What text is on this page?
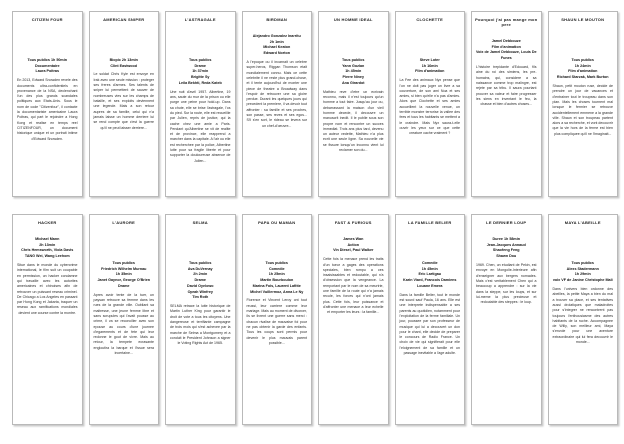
CITIZEN FOUR
Tous publics 1h 50min
Documentaire
Laura Poitras
En 2013, Edward Snowden revele des documents ultra-confidentiels en provenance de la NSA, declenchant l'un des plus grands scandales politiques aux Etats-Unis. Sous le nom de code "Citizenfour", il contacte la documentariste americaine Laura Poitras, qui part le rejoindre a Hong Kong et realise en temps reel CITIZENFOUR, un document historique unique et un portrait intime d'Edward Snowden.
AMERICAN SNIPER
Biopic 2h 13min
Clint Eastwood
Le soldat Chris Kyle est envoye en Irak avec une seule mission : proteger ses freres d'armes. Ses talents de sniper lui permettent de sauver de nombreuses vies sur les champs de bataille, et ses exploits deviennent une legende. Mais a son retour aupres de sa famille, celui qui n'a jamais laisse un homme derriere lui se rend compte que c'est la guerre qu'il ne peut laisser derriere...
L'ASTRAGALE
Tous publics
Drame
1h 37min
Brigitte Sy
Leila Bekhti, Reda Kateb
Une nuit d'avril 1957. Albertine, 19 ans, saute du mur de la prison ou elle purge une peine pour hold-up. Dans sa chute, elle se brise l'astragale, l'os du pied. Sur la route, elle est recueillie par Julien, repris de justice, qui la cache chez une amie a Paris. Pendant qu'Albertine se vit de realite et de province, elle reapprend a marcher dans la capitale. A l'air ou elle est recherchee par la police, Albertine lutte pour sa fragile liberte et pour supporter la douloureuse absence de Julien...
BIRDMAN
Alejandro Gonzalez Inarritu
2h 1min
Michael Keaton
Edward Norton
A l'epoque ou il incarnait un celebre super-heros, Riggan Thomson etait mondialement connu. Mais ce cette celebrite il ne reste plus grand-chose, et il tente aujourd'hui de monter une piece de theatre a Broadway dans l'espoir de retrouver une sa gloire perdue. Durant les quelques jours qui precedent la premiere, il va devoir tout affronter : sa famille et ses proches, son passe, ses reves et ses egos... S'il s'en sort, le rideau se levera sur un chef-d'oeuvre...
UN HOMME IDEAL
Tous publics
Yann Gozlan
1h 45min
Pierre Niney
Ana Girardot
Mathieu reve d'etre un ecrivain reconnu, mais il n'est toujours qu'un homme a tout faire. Jusqu'au jour ou, debarrassant la maison d'un vieil homme decede, il decouvre un manuscrit inedit. Il le publie sous son propre nom et rencontre un succes immediat. Trois ans plus tard, devenu un auteur vedette, Mathieu n'a plus ecrit une seule ligne. Sa nouvelle vie se fissure lorsqu'un inconnu vient lui reclamer son du...
CLOCHETTE
Steve Loter
1h 16min
Film d'animation
La Fee des animaux Nyx pense que l'on ne doit pas juger un livre a sa couverture, de son ami Noa et ses amies, si bien qu'elle n'a pas d'amies. Alors que Clochette et ses amies accueillent la nouvelle venue, un terrible monstre terrorise la vallee des fees et tous les habitants se mettent a le craindre. Mais Nyx saura-t-elle ouvrir les yeux sur ce que cette creature cache vraiment ?
Pourquoi j'ai pas mange mon pere
Jamel Debbouze
Film d'animation
Voix de Jamel Debbouze, Louis De Funes
L'histoire trepidante d'Edouard, fils aine du roi des simiens, les pre-humains, qui, considere a sa naissance comme trop malingre, est rejete par sa tribu. Il saura pourtant prouver sa valeur et faire progresser les siens en inventant le feu, la chasse et bien d'autres choses...
SHAUN LE MOUTON
Tous publics
1h 24min
Film d'animation
Richard Starzak, Mark Burton
Shaun, petit mouton ruse, decide de prendre un jour de vacances et d'entrainer tout le troupeau dans son plan. Mais les choses tournent mal lorsque le fermier se retrouve accidentellement emmene a la grande ville. Shaun et son troupeau partent alors a sa recherche, et vont decouvrir que la vie hors de la ferme est bien plus compliquee qu'il ne l'imaginait...
HACKER
Michael Mann
2h 13min
Chris Hemsworth, Viola Davis
TANG Wei, Wang Leehom
Situe dans le monde du cybercrime international, le film suit un coupable en permission, un hacker condamne qui travaille avec les autorites americaines et chinoises afin de retrouver un puissant reseau criminel. De Chicago a Los Angeles en passant par Hong Kong et Jakarta, traquer un reseau aux ramifications mondiales devient une course contre la montre.
L'AURORE
Tous publics
Friedrich Wilhelm Murnau
1h 35min
Janet Gaynor, George O'Brien
Drame
Apres avoir tente de la tuer, un paysan retrouve sa femme dans les rues de la grande ville. Oubliant sa maitresse, une jeune femme libre et sans scrupules qui l'avait pousse au crime, il va se reconcilier avec son epouse au cours d'une journee d'egarements et de fete qui leur redonne le gout de vivre. Mais au retour, la tempete ecrasante engloutira la barque et l'issue sera incertaine...
SELMA
Tous publics
Ava DuVernay
2h 2min
Drame
David Oyelowo
Oprah Winfrey
Tim Roth
SELMA retrace la lutte historique de Martin Luther King pour garantir le droit de vote a tous les citoyens. Une dangereuse et terrifiante campagne de trois mois qui s'est achevee par la marche de Selma a Montgomery et a conduit le President Johnson a signer le Voting Rights Act de 1965.
PAPA OU MAMAN
Tous publics
Comedie
1h 25min
Martin Bourboulon
Marina Fois, Laurent Lafitte
Michel Vuillermoz, Anna Le Ny
Florence et Vincent Leroy ont tout reussi, leur carriere comme leur mariage. Mais au moment de divorcer, ils se livrent une guerre sans merci : chacun rivalise de mauvaise foi pour ne pas obtenir la garde des enfants. Tous les coups sont permis pour devenir le plus mauvais parent possible...
FAST & FURIOUS
James Wan
Action
Vin Diesel, Paul Walker
Cette fois la menace prend les traits d'un tueur a gages des operations speciales, bien rompu a ces insaisissables et redoutable, qui n'a d'obsession que la vengeance. La remportant par le nom de sa meurtrie, une famille de la route qui n'a jamais recule, les forces qui n'ont jamais plus. Cette fois, leur puissance et d'affronter une menace a leur echelle et emporter les leurs : la famille...
LA FAMILLE BELIER
Comedie
1h 45min
Eric Lartigau
Karin Viard, Francois Damiens
Louane Emera
Dans la famille Belier, tout le monde est sourd sauf Paula, 16 ans. Elle est une interprete indispensable a ses parents au quotidien, notamment pour l'exploitation de la ferme familiale. Un jour, poussee par son professeur de musique qui lui a decouvert un don pour le chant, elle decide de preparer le concours de Radio France. Un choix de vie qui signifierait pour elle l'eloignement de sa famille et un passage inevitable a l'age adulte.
LE DERNIER LOUP
Duree 1h 58min
Jean-Jacques Annaud
Shaofeng Feng
Shawn Dou
1969. Chen, un etudiant de Pekin, est envoye en Mongolie-Interieure afin d'enseigner aux bergers nomades. Mais c'est veritablement Chen qui a beaucoup a apprendre : sur la vie dans la steppe, sur les loups, et sur lui-meme la plus precieuse et redoutable des steppes : le loup.
MAYA L'ABEILLE
Tous publics
Alexs Stadermann
1h 29min
voix VF de Janine Christophe Mali
Dans l'univers bien ordonne des abeilles, la petite Maya a bien du mal a trouver sa place, et ses tentatives aussi drolatiques que maladroites pour s'integrer ne rencontrent pas toujours l'enthousiasme des autres habitants de la ruche. Accompagnee de Willy, son meilleur ami, Maya s'envole pour une aventure extraordinaire qui lui fera decouvrir le monde...
